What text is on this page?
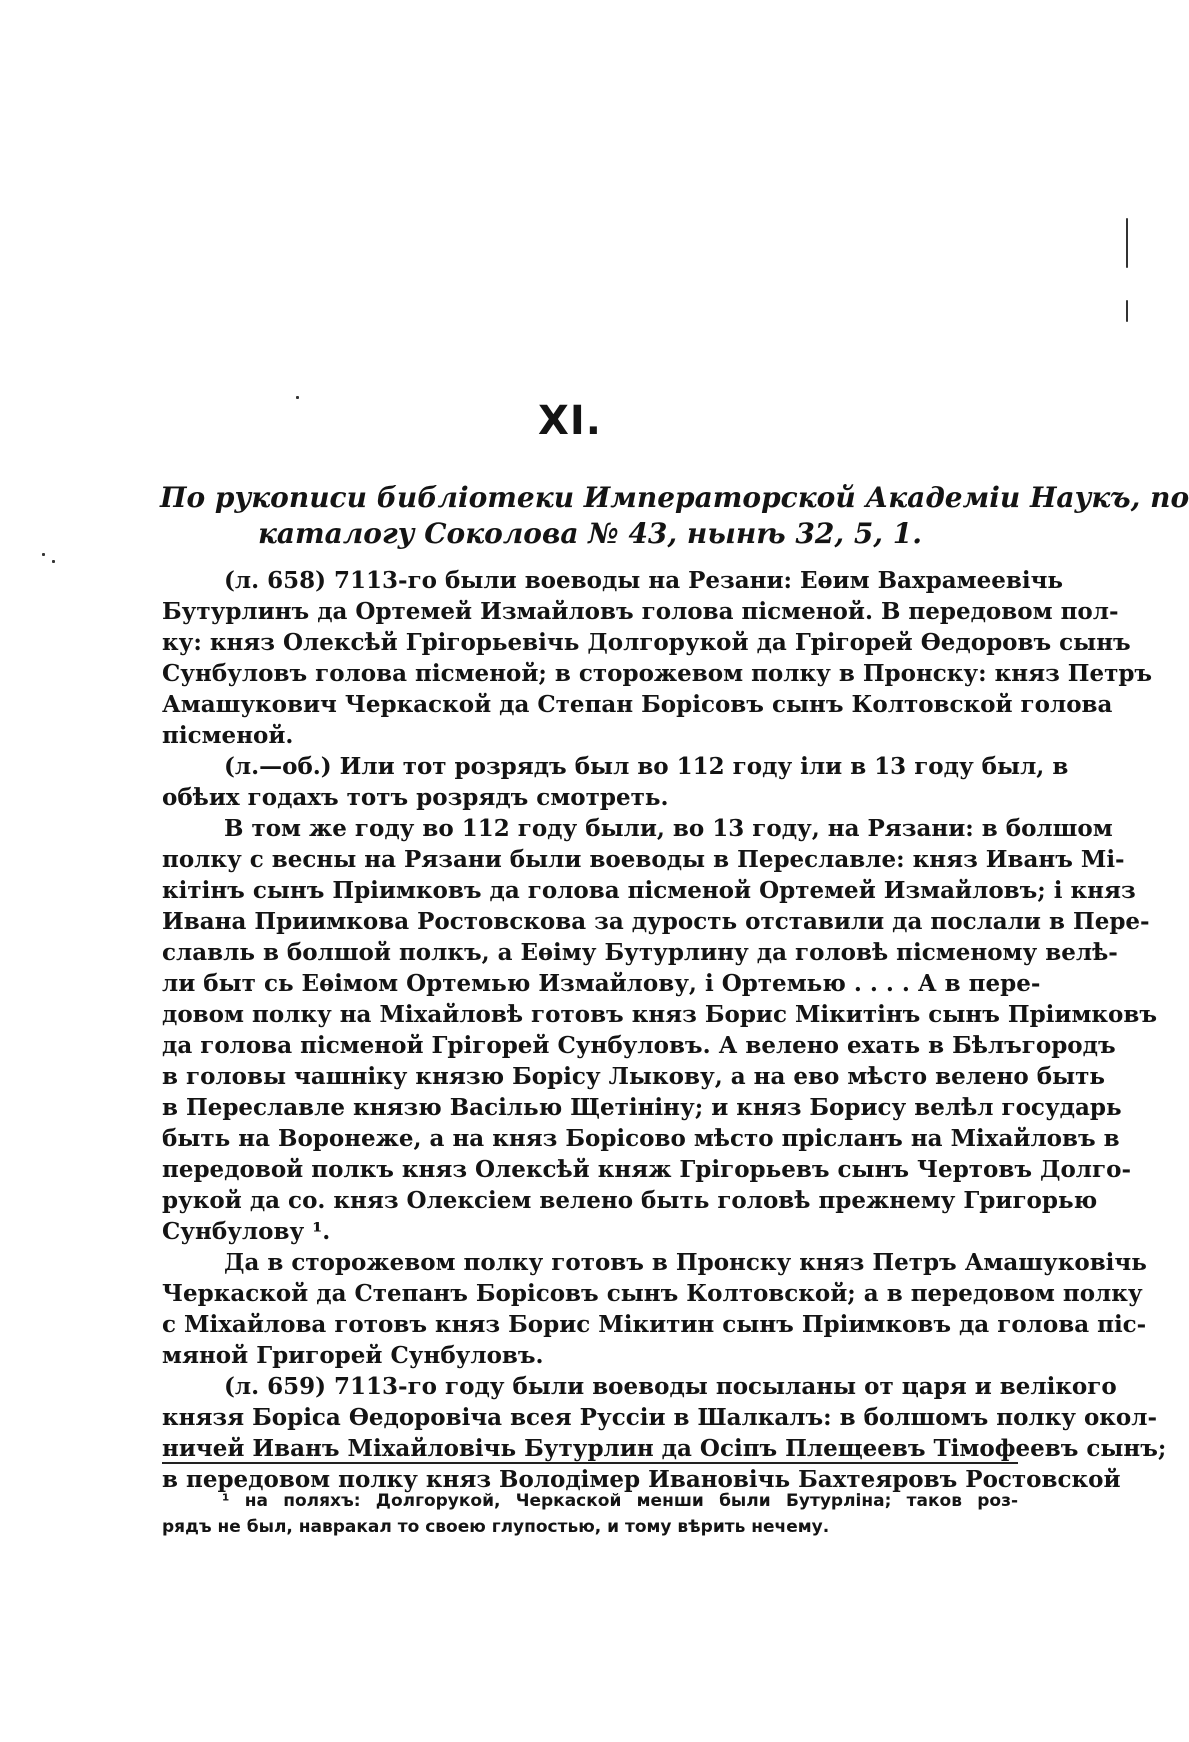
XI.
По рукописи библіотеки Императорской Академіи Наукъ, по
каталогу Соколова № 43, нынѣ 32, 5, 1.
(л. 658) 7113-го были воеводы на Резани: Еѳим Вахрамеевічь
Бутурлинъ да Ортемей Измайловъ голова пісменой. В передовом пол-
ку: княз Олексѣй Грігорьевічь Долгорукой да Грігорей Ѳедоровъ сынъ
Сунбуловъ голова пісменой; в сторожевом полку в Пронску: княз Петръ
Амашукович Черкаской да Степан Борісовъ сынъ Колтовской голова
пісменой.
(л.—об.) Или тот розрядъ был во 112 году іли в 13 году был, в
обѣих годахъ тотъ розрядъ смотреть.
В том же году во 112 году были, во 13 году, на Рязани: в болшом
полку с весны на Рязани были воеводы в Переславле: княз Иванъ Мі-
кітінъ сынъ Пріимковъ да голова пісменой Ортемей Измайловъ; і княз
Ивана Приимкова Ростовскова за дурость отставили да послали в Пере-
славль в болшой полкъ, а Еѳіму Бутурлину да головѣ пісменому велѣ-
ли быт сь Еѳімом Ортемью Измайлову, і Ортемью . . . . А в пере-
довом полку на Міхайловѣ готовъ княз Борис Мікитінъ сынъ Пріимковъ
да голова пісменой Грігорей Сунбуловъ. А велено ехать в Бѣлъгородъ
в головы чашніку князю Борісу Лыкову, а на ево мѣсто велено быть
в Переславле князю Васілью Щетініну; и княз Борису велѣл государь
быть на Воронеже, а на княз Борісово мѣсто прісланъ на Міхайловъ в
передовой полкъ княз Олексѣй княж Грігорьевъ сынъ Чертовъ Долго-
рукой да со. княз Олексіем велено быть головѣ прежнему Григорью
Сунбулову ¹.
Да в сторожевом полку готовъ в Пронску княз Петръ Амашуковічь
Черкаской да Степанъ Борісовъ сынъ Колтовской; а в передовом полку
с Міхайлова готовъ княз Борис Мікитин сынъ Пріимковъ да голова піс-
мяной Григорей Сунбуловъ.
(л. 659) 7113-го году были воеводы посыланы от царя и велікого
князя Боріса Ѳедоровіча всея Руссіи в Шалкалъ: в болшомъ полку окол-
ничей Иванъ Міхайловічь Бутурлин да Осіпъ Плещеевъ Тімофеевъ сынъ;
в передовом полку княз Володімер Ивановічь Бахтеяровъ Ростовской
¹ на поляхъ: Долгорукой, Черкаской менши были Бутурліна; таков роз-
рядъ не был, навракал то своею глупостью, и тому вѣрить нечему.
